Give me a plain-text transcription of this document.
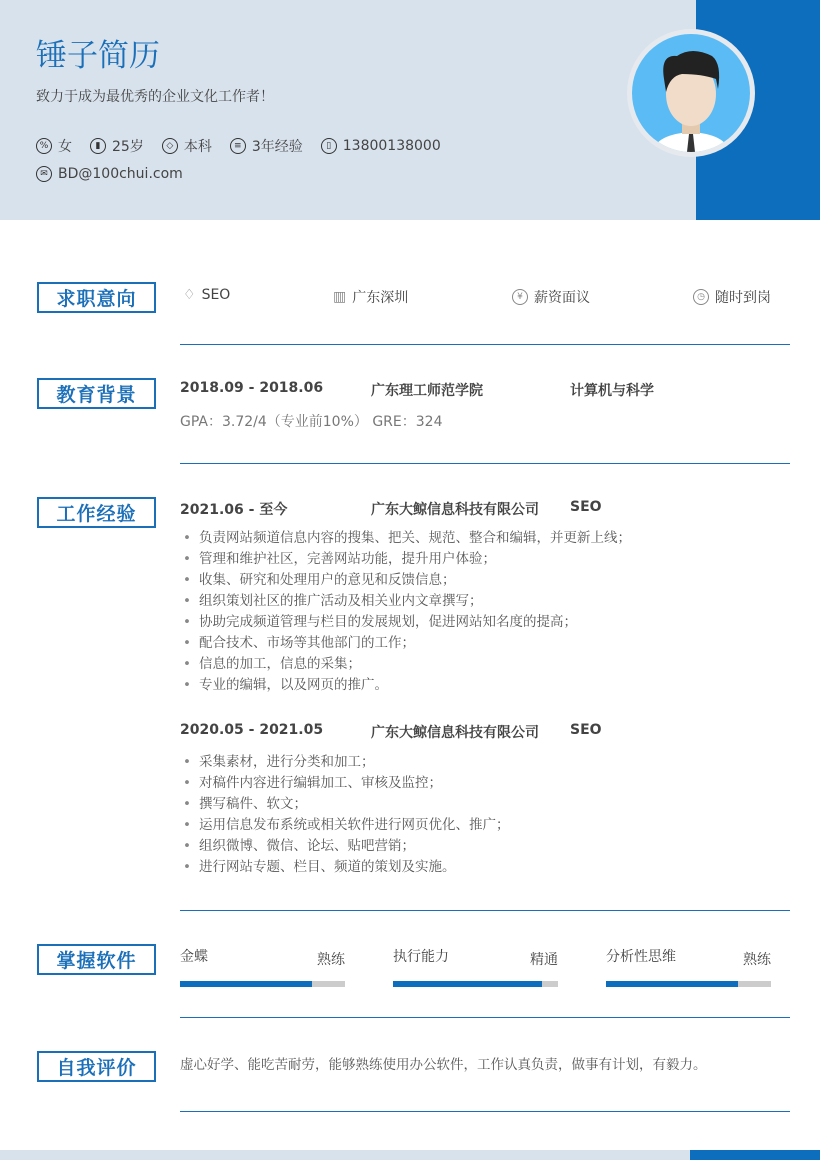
锤子简历
致力于成为最优秀的企业文化工作者！
% 女	▮ 25岁	◇ 本科	≡ 3年经验	▯ 13800138000
✉ BD@100chui.com
求职意向	♢ SEO	▥ 广东深圳	¥ 薪资面议	◷ 随时到岗
教育背景	2018.09 - 2018.06	广东理工师范学院	计算机与科学
GPA：3.72/4（专业前10%） GRE：324
工作经验	2021.06 - 至今	广东大鲸信息科技有限公司 SEO
• 负责网站频道信息内容的搜集、把关、规范、整合和编辑，并更新上线；
• 管理和维护社区，完善网站功能，提升用户体验；
• 收集、研究和处理用户的意见和反馈信息；
• 组织策划社区的推广活动及相关业内文章撰写；
• 协助完成频道管理与栏目的发展规划，促进网站知名度的提高；
• 配合技术、市场等其他部门的工作；
• 信息的加工，信息的采集；
• 专业的编辑，以及网页的推广。
2020.05 - 2021.05	广东大鲸信息科技有限公司 SEO
• 采集素材，进行分类和加工；
• 对稿件内容进行编辑加工、审核及监控；
• 撰写稿件、软文；
• 运用信息发布系统或相关软件进行网页优化、推广；
• 组织微博、微信、论坛、贴吧营销；
• 进行网站专题、栏目、频道的策划及实施。
掌握软件	金蝶	熟练	执行能力	精通	分析性思维	熟练
自我评价	虚心好学、能吃苦耐劳，能够熟练使用办公软件，工作认真负责，做事有计划，有毅力。
